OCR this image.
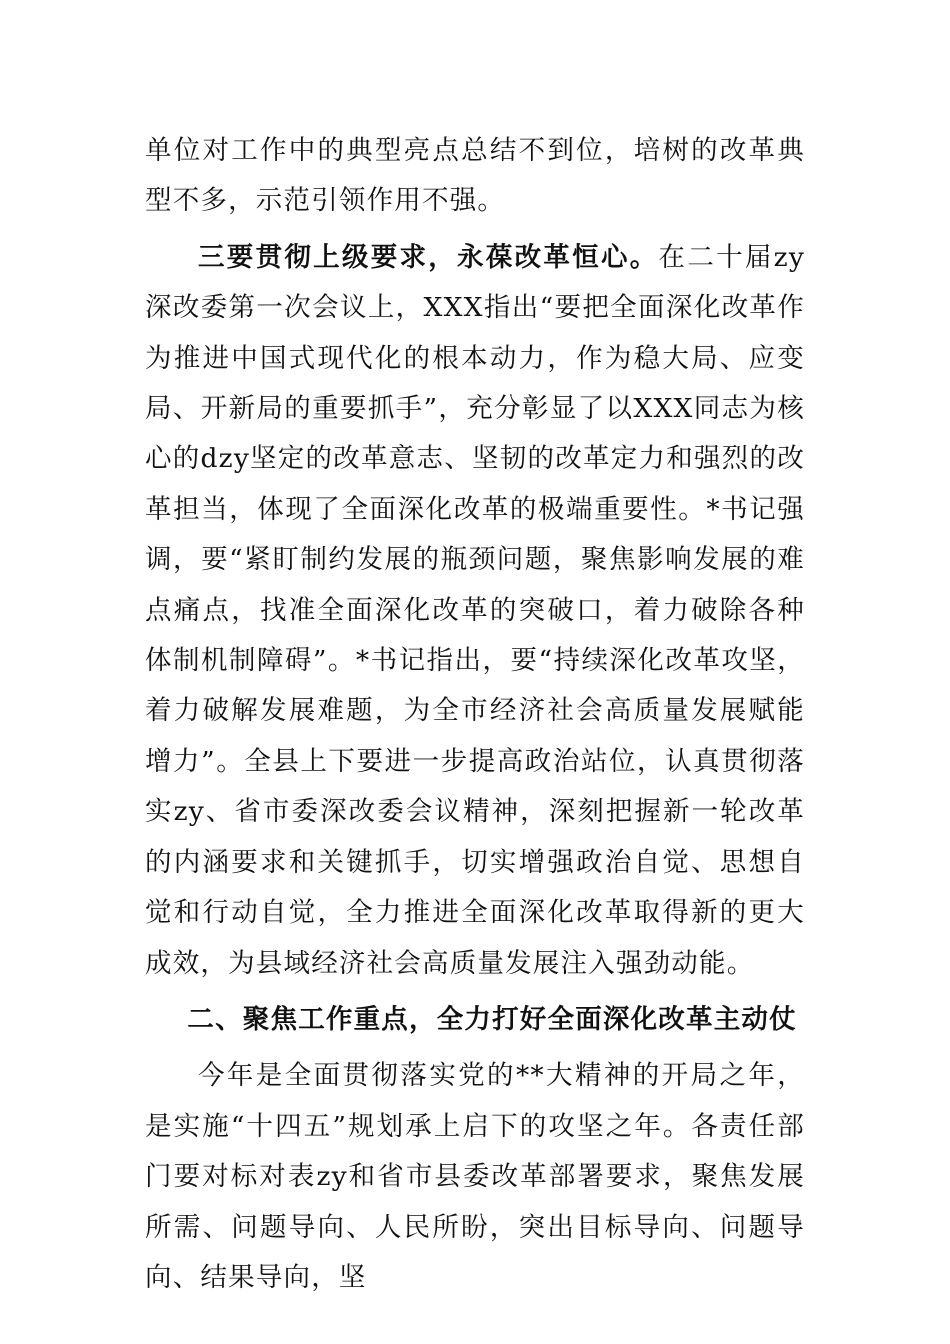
单位对工作中的典型亮点总结不到位，培树的改革典型不多，示范引领作用不强。

三要贯彻上级要求，永葆改革恒心。在二十届zy深改委第一次会议上，XXX指出“要把全面深化改革作为推进中国式现代化的根本动力，作为稳大局、应变局、开新局的重要抓手”，充分彰显了以XXX同志为核心的dzy坚定的改革意志、坚韧的改革定力和强烈的改革担当，体现了全面深化改革的极端重要性。*书记强调，要“紧盯制约发展的瓶颈问题，聚焦影响发展的难点痛点，找准全面深化改革的突破口，着力破除各种体制机制障碍”。*书记指出，要“持续深化改革攻坚，着力破解发展难题，为全市经济社会高质量发展赋能增力”。全县上下要进一步提高政治站位，认真贯彻落实zy、省市委深改委会议精神，深刻把握新一轮改革的内涵要求和关键抓手，切实增强政治自觉、思想自觉和行动自觉，全力推进全面深化改革取得新的更大成效，为县域经济社会高质量发展注入强劲动能。

二、聚焦工作重点，全力打好全面深化改革主动仗

今年是全面贯彻落实党的**大精神的开局之年，是实施“十四五”规划承上启下的攻坚之年。各责任部门要对标对表zy和省市县委改革部署要求，聚焦发展所需、问题导向、人民所盼，突出目标导向、问题导向、结果导向，坚
